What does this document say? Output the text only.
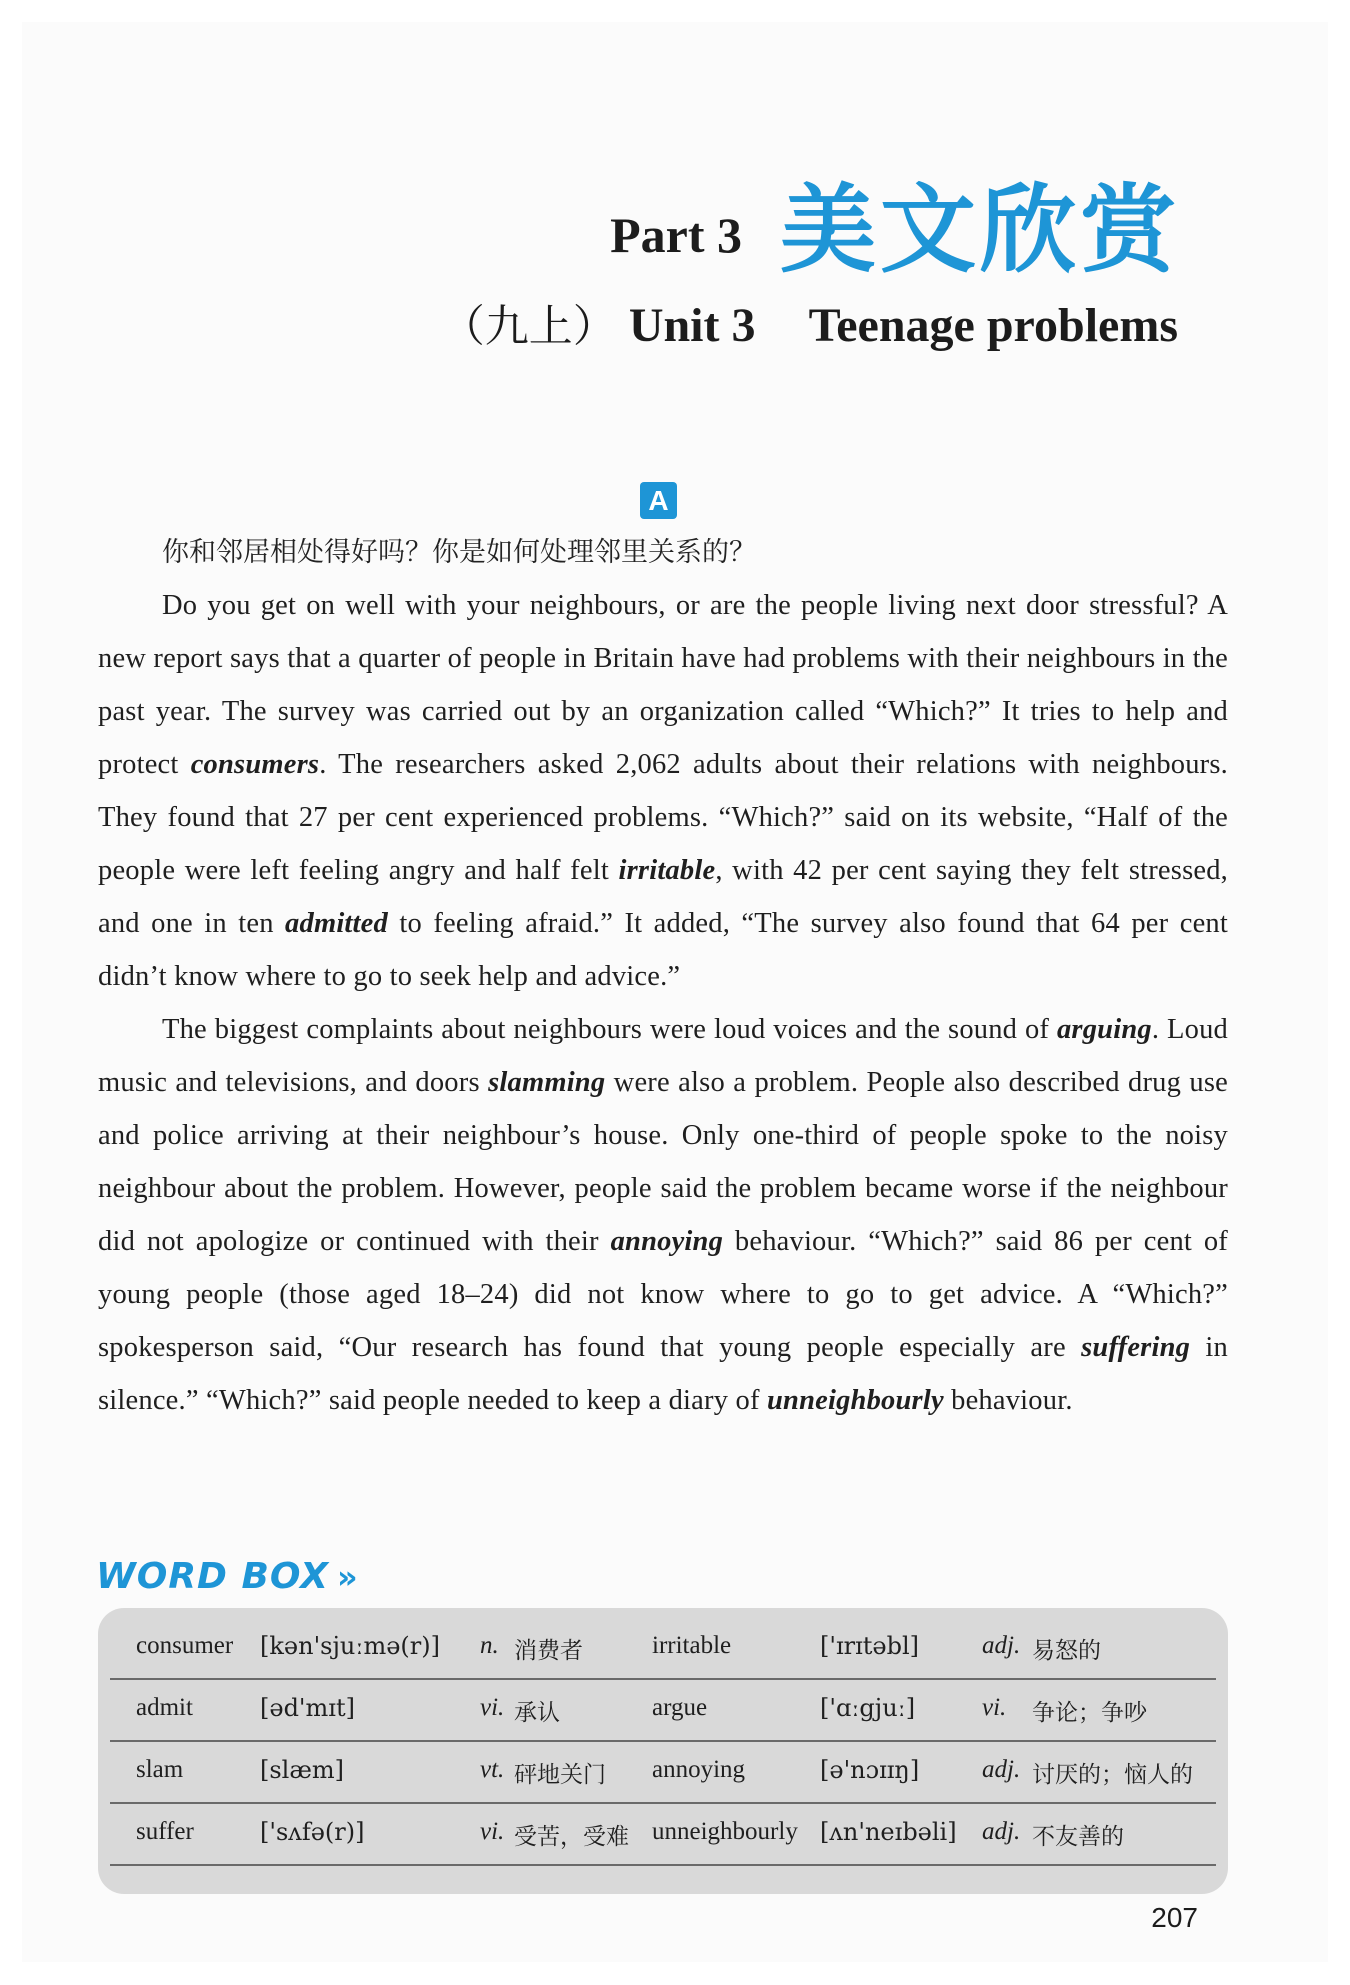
Part 3 美文欣赏
（九上） Unit 3 Teenage problems
A
你和邻居相处得好吗？你是如何处理邻里关系的？

Do you get on well with your neighbours, or are the people living next door stressful? A new report says that a quarter of people in Britain have had problems with their neighbours in the past year. The survey was carried out by an organization called “Which?” It tries to help and protect consumers. The researchers asked 2,062 adults about their relations with neighbours. They found that 27 per cent experienced problems. “Which?” said on its website, “Half of the people were left feeling angry and half felt irritable, with 42 per cent saying they felt stressed, and one in ten admitted to feeling afraid.” It added, “The survey also found that 64 per cent didn’t know where to go to seek help and advice.”

The biggest complaints about neighbours were loud voices and the sound of arguing. Loud music and televisions, and doors slamming were also a problem. People also described drug use and police arriving at their neighbour’s house. Only one-third of people spoke to the noisy neighbour about the problem. However, people said the problem became worse if the neighbour did not apologize or continued with their annoying behaviour. “Which?” said 86 per cent of young people (those aged 18–24) did not know where to go to get advice. A “Which?” spokesperson said, “Our research has found that young people especially are suffering in silence.” “Which?” said people needed to keep a diary of unneighbourly behaviour.

WORD BOX »
consumer [kən'sjuːmə(r)] n. 消费者	irritable	['ɪrɪtəbl]	adj. 易怒的
admit	[əd'mɪt]	vi. 承认	argue	['ɑːgjuː]	vi. 争论；争吵
slam	[slæm]	vt. 砰地关门 annoying	[ə'nɔɪɪŋ]	adj. 讨厌的；恼人的
suffer	['sʌfə(r)]	vi. 受苦，受难 unneighbourly [ʌn'neɪbəli] adj. 不友善的
207
